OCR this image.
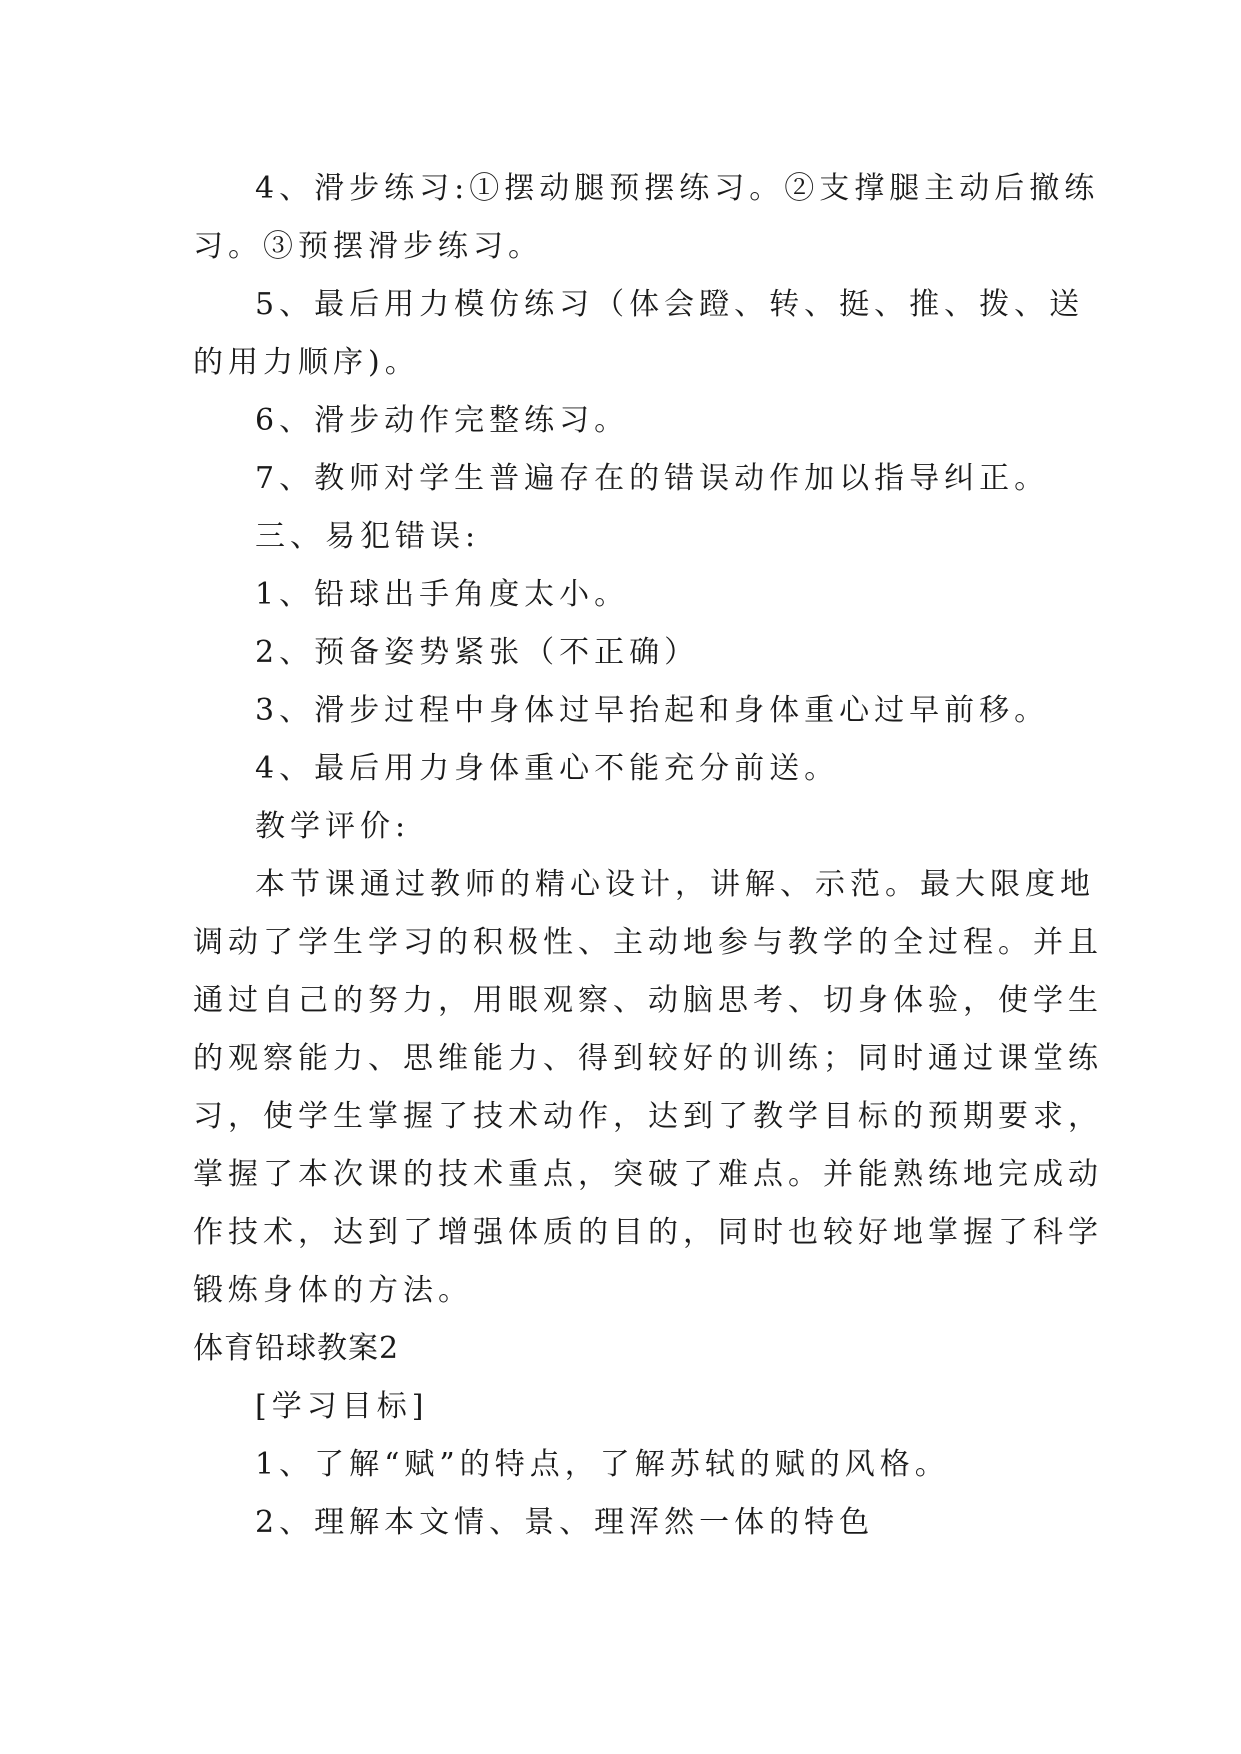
4、滑步练习:①摆动腿预摆练习。②支撑腿主动后撤练
习。③预摆滑步练习。
5、最后用力模仿练习（体会蹬、转、挺、推、拨、送
的用力顺序)。
6、滑步动作完整练习。
7、教师对学生普遍存在的错误动作加以指导纠正。
三、易犯错误:
1、铅球出手角度太小。
2、预备姿势紧张（不正确）
3、滑步过程中身体过早抬起和身体重心过早前移。
4、最后用力身体重心不能充分前送。
教学评价:
本节课通过教师的精心设计，讲解、示范。最大限度地
调动了学生学习的积极性、主动地参与教学的全过程。并且
通过自己的努力，用眼观察、动脑思考、切身体验，使学生
的观察能力、思维能力、得到较好的训练；同时通过课堂练
习，使学生掌握了技术动作，达到了教学目标的预期要求，
掌握了本次课的技术重点，突破了难点。并能熟练地完成动
作技术，达到了增强体质的目的，同时也较好地掌握了科学
锻炼身体的方法。
体育铅球教案2
[学习目标]
1、了解“赋”的特点，了解苏轼的赋的风格。
2、理解本文情、景、理浑然一体的特色
